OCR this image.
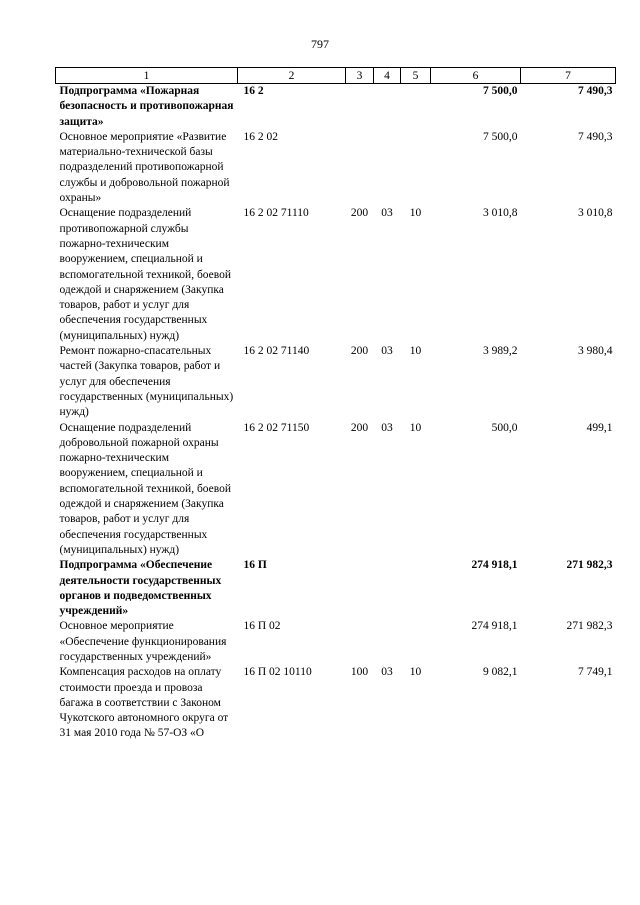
797
1	2	3	4	5	6	7
Подпрограмма «Пожарная безопасность и противопожарная защита»	16 2				7 500,0	7 490,3
Основное мероприятие «Развитие материально-технической базы подразделений противопожарной службы и добровольной пожарной охраны»	16 2 02				7 500,0	7 490,3
Оснащение подразделений противопожарной службы пожарно-техническим вооружением, специальной и вспомогательной техникой, боевой одеждой и снаряжением (Закупка товаров, работ и услуг для обеспечения государственных (муниципальных) нужд)	16 2 02 71110	200	03	10	3 010,8	3 010,8
Ремонт пожарно-спасательных частей (Закупка товаров, работ и услуг для обеспечения государственных (муниципальных) нужд)	16 2 02 71140	200	03	10	3 989,2	3 980,4
Оснащение подразделений добровольной пожарной охраны пожарно-техническим вооружением, специальной и вспомогательной техникой, боевой одеждой и снаряжением (Закупка товаров, работ и услуг для обеспечения государственных (муниципальных) нужд)	16 2 02 71150	200	03	10	500,0	499,1
Подпрограмма «Обеспечение деятельности государственных органов и подведомственных учреждений»	16 П				274 918,1	271 982,3
Основное мероприятие «Обеспечение функционирования государственных учреждений»	16 П 02				274 918,1	271 982,3
Компенсация расходов на оплату стоимости проезда и провоза багажа в соответствии с Законом Чукотского автономного округа от 31 мая 2010 года № 57-ОЗ «О	16 П 02 10110	100	03	10	9 082,1	7 749,1
